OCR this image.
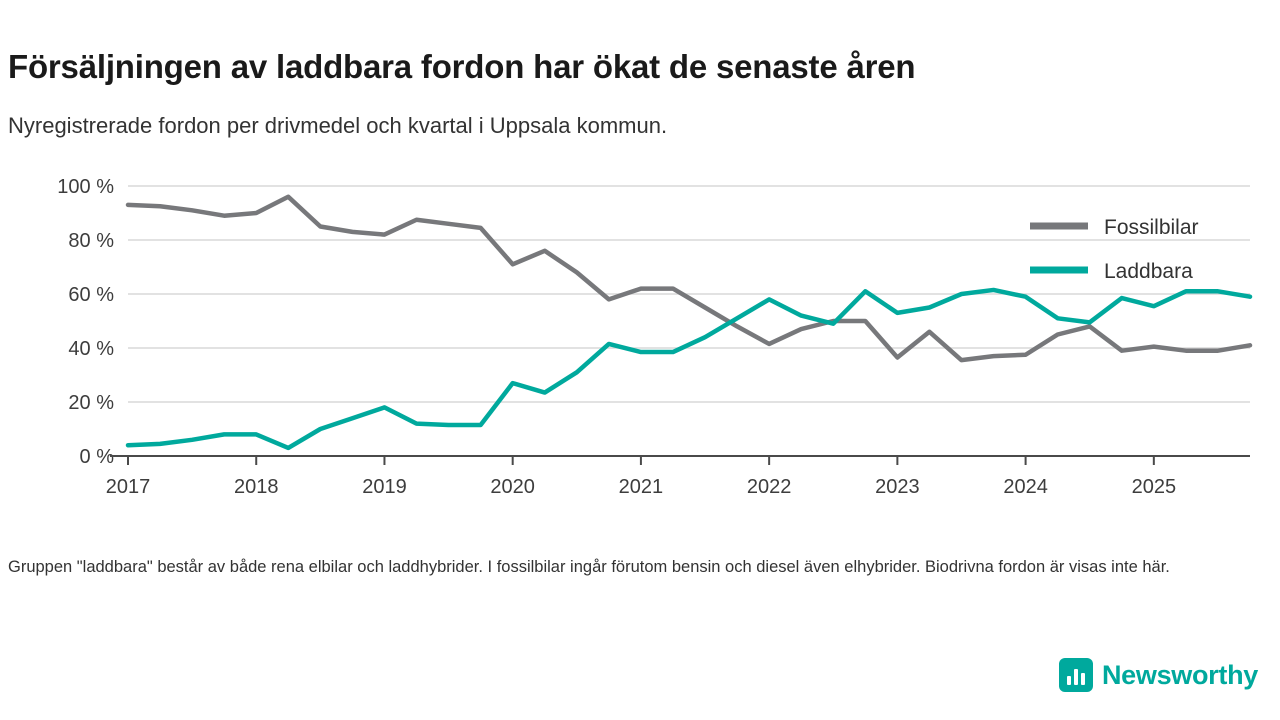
Försäljningen av laddbara fordon har ökat de senaste åren
Nyregistrerade fordon per drivmedel och kvartal i Uppsala kommun.
0 %
20 %
40 %
60 %
80 %
100 %
2017	2018	2019	2020	2021	2022	2023	2024	2025
Fossilbilar
Laddbara
Gruppen "laddbara" består av både rena elbilar och laddhybrider. I fossilbilar ingår förutom bensin och diesel även elhybrider. Biodrivna fordon är visas inte här.
Newsworthy
